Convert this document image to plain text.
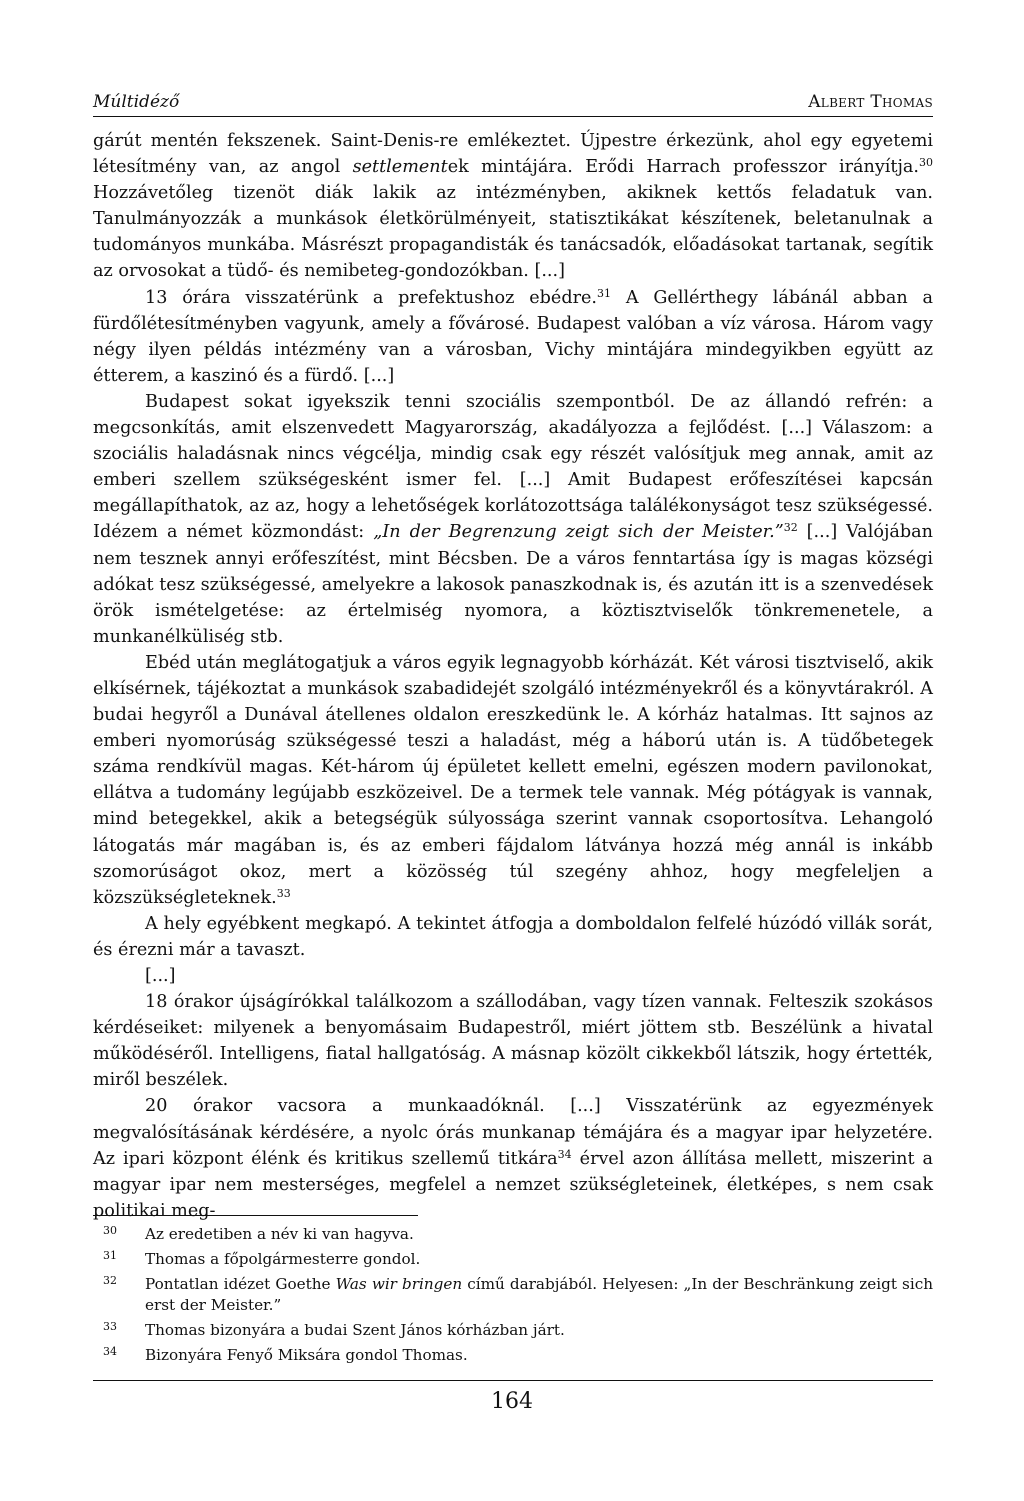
Múltidéző	Albert Thomas

gárút mentén fekszenek. Saint-Denis-re emlékeztet. Újpestre érkezünk, ahol egy egyetemi létesítmény van, az angol settlementek mintájára. Erődi Harrach professzor irányítja.$^{30}$ Hozzávetőleg tizenöt diák lakik az intézményben, akiknek kettős feladatuk van. Tanulmányozzák a munkások életkörülményeit, statisztikákat készítenek, beletanulnak a tudományos munkába. Másrészt propagandisták és tanácsadók, előadásokat tartanak, segítik az orvosokat a tüdő- és nemibeteg-gondozókban. [...]

13 órára visszatérünk a prefektushoz ebédre.$^{31}$ A Gellérthegy lábánál abban a fürdőlétesítményben vagyunk, amely a fővárosé. Budapest valóban a víz városa. Három vagy négy ilyen példás intézmény van a városban, Vichy mintájára mindegyikben együtt az étterem, a kaszinó és a fürdő. [...]

Budapest sokat igyekszik tenni szociális szempontból. De az állandó refrén: a megcsonkítás, amit elszenvedett Magyarország, akadályozza a fejlődést. [...] Válaszom: a szociális haladásnak nincs végcélja, mindig csak egy részét valósítjuk meg annak, amit az emberi szellem szükségesként ismer fel. [...] Amit Budapest erőfeszítései kapcsán megállapíthatok, az az, hogy a lehetőségek korlátozottsága találékonyságot tesz szükségessé. Idézem a német közmondást: „In der Begrenzung zeigt sich der Meister.”$^{32}$ [...] Valójában nem tesznek annyi erőfeszítést, mint Bécsben. De a város fenntartása így is magas községi adókat tesz szükségessé, amelyekre a lakosok panaszkodnak is, és azután itt is a szenvedések örök ismételgetése: az értelmiség nyomora, a köztisztviselők tönkremenetele, a munkanélküliség stb.

Ebéd után meglátogatjuk a város egyik legnagyobb kórházát. Két városi tisztviselő, akik elkísérnek, tájékoztat a munkások szabadidejét szolgáló intézményekről és a könyvtárakról. A budai hegyről a Dunával átellenes oldalon ereszkedünk le. A kórház hatalmas. Itt sajnos az emberi nyomorúság szükségessé teszi a haladást, még a háború után is. A tüdőbetegek száma rendkívül magas. Két-három új épületet kellett emelni, egészen modern pavilonokat, ellátva a tudomány legújabb eszközeivel. De a termek tele vannak. Még pótágyak is vannak, mind betegekkel, akik a betegségük súlyossága szerint vannak csoportosítva. Lehangoló látogatás már magában is, és az emberi fájdalom látványa hozzá még annál is inkább szomorúságot okoz, mert a közösség túl szegény ahhoz, hogy megfeleljen a közszükségleteknek.$^{33}$

A hely egyébkent megkapó. A tekintet átfogja a domboldalon felfelé húzódó villák sorát, és érezni már a tavaszt.

[...]

18 órakor újságírókkal találkozom a szállodában, vagy tízen vannak. Felteszik szokásos kérdéseiket: milyenek a benyomásaim Budapestről, miért jöttem stb. Beszélünk a hivatal működéséről. Intelligens, fiatal hallgatóság. A másnap közölt cikkekből látszik, hogy értették, miről beszélek.

20 órakor vacsora a munkaadóknál. [...] Visszatérünk az egyezmények megvalósításának kérdésére, a nyolc órás munkanap témájára és a magyar ipar helyzetére. Az ipari központ élénk és kritikus szellemű titkára$^{34}$ érvel azon állítása mellett, miszerint a magyar ipar nem mesterséges, megfelel a nemzet szükségleteinek, életképes, s nem csak politikai meg-

30	Az eredetiben a név ki van hagyva.
31	Thomas a főpolgármesterre gondol.
32	Pontatlan idézet Goethe Was wir bringen című darabjából. Helyesen: „In der Beschränkung zeigt sich erst der Meister.”
33	Thomas bizonyára a budai Szent János kórházban járt.
34	Bizonyára Fenyő Miksára gondol Thomas.
164
